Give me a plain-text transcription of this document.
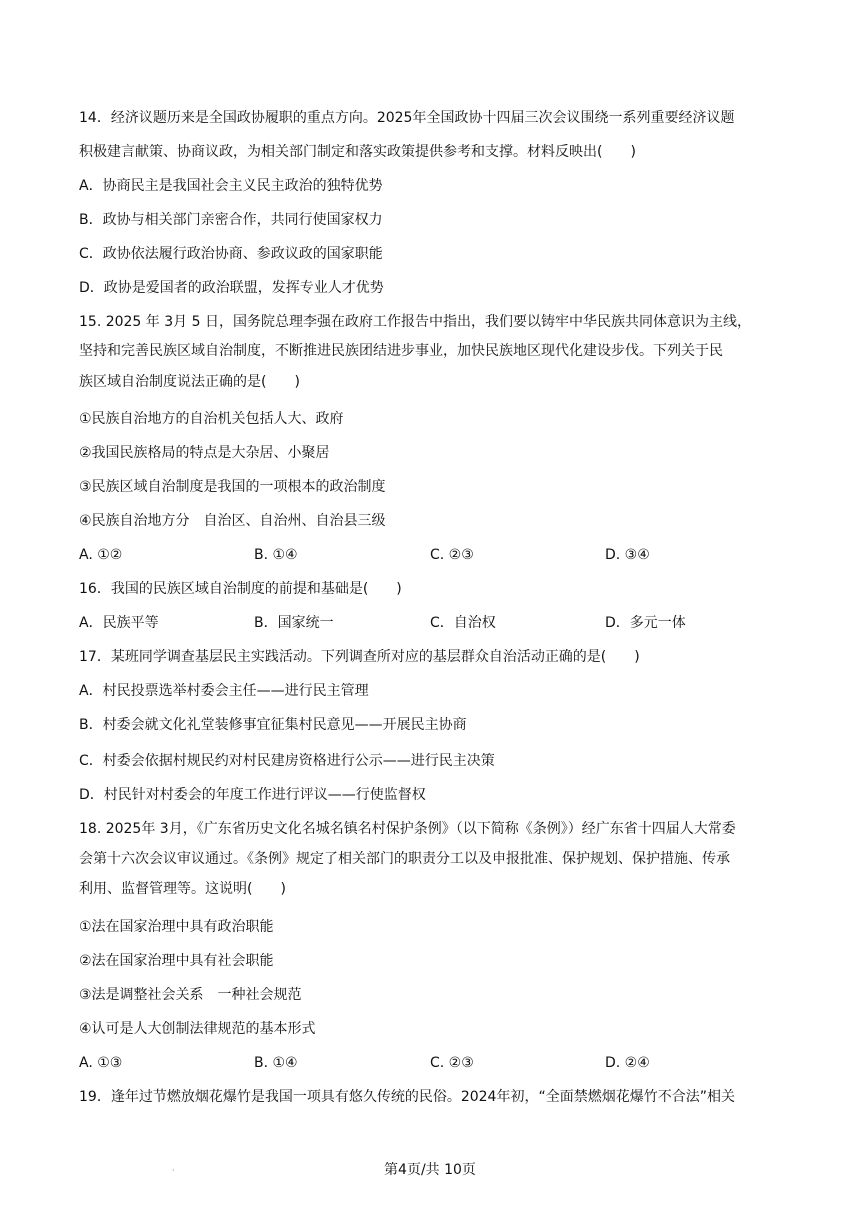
14．经济议题历来是全国政协履职的重点方向。2025年全国政协十四届三次会议围绕一系列重要经济议题
积极建言献策、协商议政，为相关部门制定和落实政策提供参考和支撑。材料反映出(　　)
A．协商民主是我国社会主义民主政治的独特优势
B．政协与相关部门亲密合作，共同行使国家权力
C．政协依法履行政治协商、参政议政的国家职能
D．政协是爱国者的政治联盟，发挥专业人才优势
15. 2025 年 3月 5 日，国务院总理李强在政府工作报告中指出，我们要以铸牢中华民族共同体意识为主线，
坚持和完善民族区域自治制度，不断推进民族团结进步事业，加快民族地区现代化建设步伐。下列关于民
族区域自治制度说法正确的是(　　)
①民族自治地方的自治机关包括人大、政府
②我国民族格局的特点是大杂居、小聚居
③民族区域自治制度是我国的一项根本的政治制度
④民族自治地方分　自治区、自治州、自治县三级
A. ①②	B. ①④	C. ②③	D. ③④
16．我国的民族区域自治制度的前提和基础是(　　)
A．民族平等	B．国家统一	C．自治权	D．多元一体
17．某班同学调查基层民主实践活动。下列调查所对应的基层群众自治活动正确的是(　　)
A．村民投票选举村委会主任——进行民主管理
B．村委会就文化礼堂装修事宜征集村民意见——开展民主协商
C．村委会依据村规民约对村民建房资格进行公示——进行民主决策
D．村民针对村委会的年度工作进行评议——行使监督权
18. 2025年 3月，《广东省历史文化名城名镇名村保护条例》（以下简称《条例》）经广东省十四届人大常委
会第十六次会议审议通过。《条例》规定了相关部门的职责分工以及申报批准、保护规划、保护措施、传承
利用、监督管理等。这说明(　　)
①法在国家治理中具有政治职能
②法在国家治理中具有社会职能
③法是调整社会关系　一种社会规范
④认可是人大创制法律规范的基本形式
A. ①③	B. ①④	C. ②③	D. ②④
19．逢年过节燃放烟花爆竹是我国一项具有悠久传统的民俗。2024年初，“全面禁燃烟花爆竹不合法”相关
·	第4页/共 10页
